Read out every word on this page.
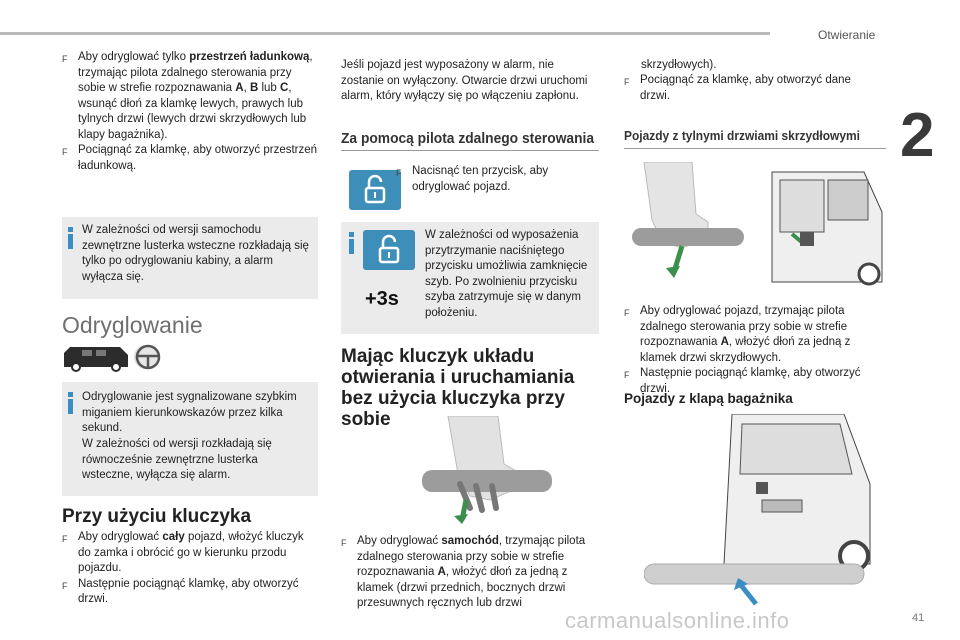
Otwieranie
2
41
F Aby odryglować tylko przestrzeń ładunkową, trzymając pilota zdalnego sterowania przy sobie w strefie rozpoznawania A, B lub C, wsunąć dłoń za klamkę lewych, prawych lub tylnych drzwi (lewych drzwi skrzydłowych lub klapy bagażnika).
F Pociągnąć za klamkę, aby otworzyć przestrzeń ładunkową.

W zależności od wersji samochodu zewnętrzne lusterka wsteczne rozkładają się tylko po odryglowaniu kabiny, a alarm wyłącza się.

Odryglowanie

Odryglowanie jest sygnalizowane szybkim miganiem kierunkowskazów przez kilka sekund.

W zależności od wersji rozkładają się równocześnie zewnętrzne lusterka wsteczne, wyłącza się alarm.

Przy użyciu kluczyka
F Aby odryglować cały pojazd, włożyć kluczyk do zamka i obrócić go w kierunku przodu pojazdu.
F Następnie pociągnąć klamkę, aby otworzyć drzwi.

Jeśli pojazd jest wyposażony w alarm, nie zostanie on wyłączony. Otwarcie drzwi uruchomi alarm, który wyłączy się po włączeniu zapłonu.

Za pomocą pilota zdalnego sterowania
F Nacisnąć ten przycisk, aby odryglować pojazd.
+3s

W zależności od wyposażenia przytrzymanie naciśniętego przycisku umożliwia zamknięcie szyb. Po zwolnieniu przycisku szyba zatrzymuje się w danym położeniu.

Mając kluczyk układu otwierania i uruchamiania bez użycia kluczyka przy sobie
F Aby odryglować samochód, trzymając pilota zdalnego sterowania przy sobie w strefie rozpoznawania A, włożyć dłoń za jedną z klamek (drzwi przednich, bocznych drzwi przesuwnych ręcznych lub drzwi

skrzydłowych).

F Pociągnąć za klamkę, aby otworzyć dane drzwi.
Pojazdy z tylnymi drzwiami skrzydłowymi
F Aby odryglować pojazd, trzymając pilota zdalnego sterowania przy sobie w strefie rozpoznawania A, włożyć dłoń za jedną z klamek drzwi skrzydłowych.
F Następnie pociągnąć klamkę, aby otworzyć drzwi.
Pojazdy z klapą bagażnika
carmanualsonline.info
